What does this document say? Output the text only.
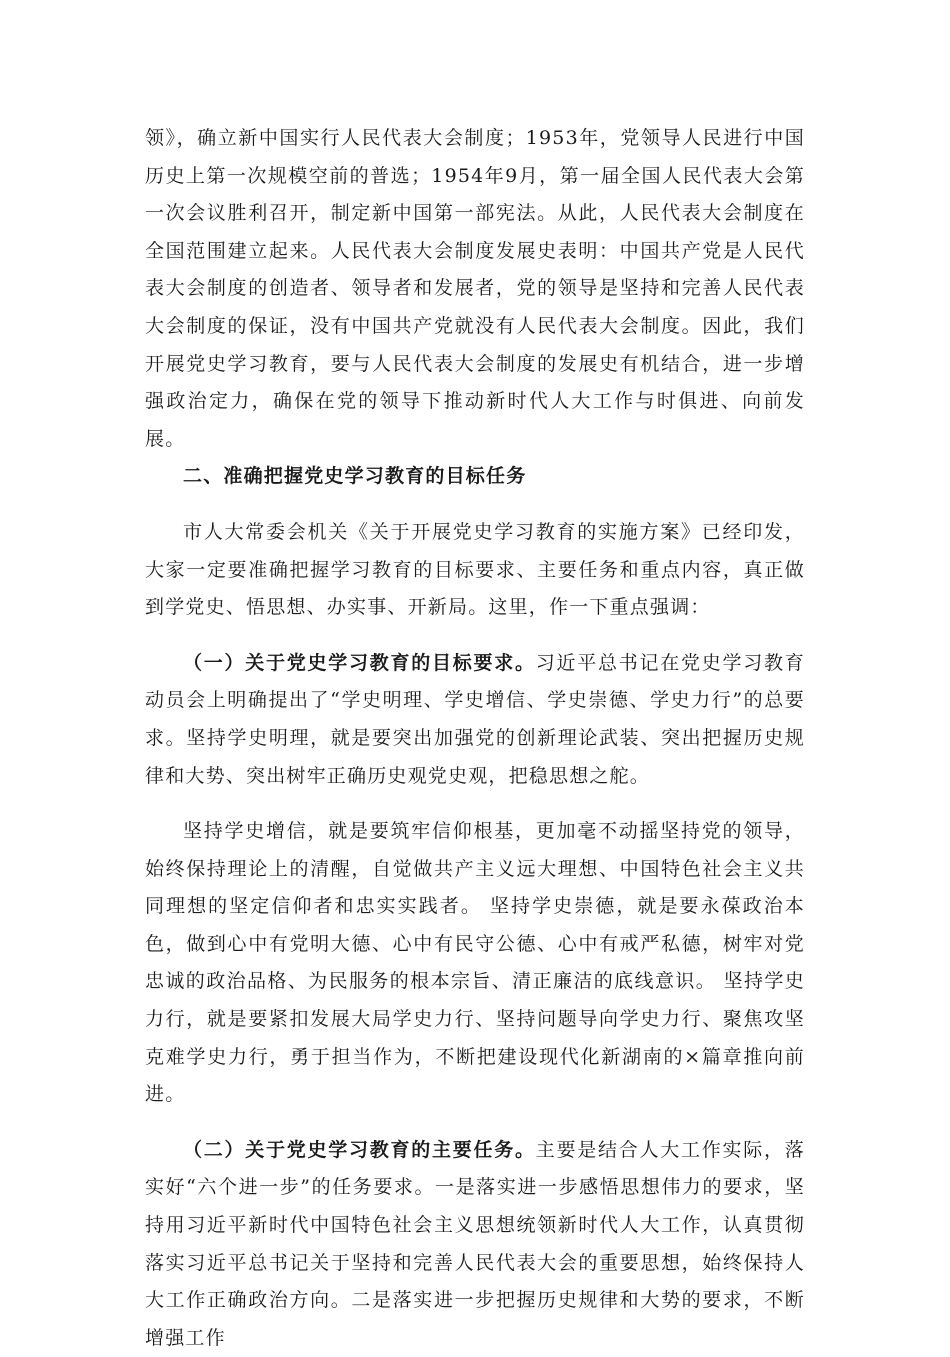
领》，确立新中国实行人民代表大会制度；1953年，党领导人民进行中国历史上第一次规模空前的普选；1954年9月，第一届全国人民代表大会第一次会议胜利召开，制定新中国第一部宪法。从此，人民代表大会制度在全国范围建立起来。人民代表大会制度发展史表明：中国共产党是人民代表大会制度的创造者、领导者和发展者，党的领导是坚持和完善人民代表大会制度的保证，没有中国共产党就没有人民代表大会制度。因此，我们开展党史学习教育，要与人民代表大会制度的发展史有机结合，进一步增强政治定力，确保在党的领导下推动新时代人大工作与时俱进、向前发展。

二、准确把握党史学习教育的目标任务

市人大常委会机关《关于开展党史学习教育的实施方案》已经印发，大家一定要准确把握学习教育的目标要求、主要任务和重点内容，真正做到学党史、悟思想、办实事、开新局。这里，作一下重点强调：

（一）关于党史学习教育的目标要求。习近平总书记在党史学习教育动员会上明确提出了“学史明理、学史增信、学史崇德、学史力行”的总要求。坚持学史明理，就是要突出加强党的创新理论武装、突出把握历史规律和大势、突出树牢正确历史观党史观，把稳思想之舵。

坚持学史增信，就是要筑牢信仰根基，更加毫不动摇坚持党的领导，始终保持理论上的清醒，自觉做共产主义远大理想、中国特色社会主义共同理想的坚定信仰者和忠实实践者。 坚持学史崇德，就是要永葆政治本色，做到心中有党明大德、心中有民守公德、心中有戒严私德，树牢对党忠诚的政治品格、为民服务的根本宗旨、清正廉洁的底线意识。 坚持学史力行，就是要紧扣发展大局学史力行、坚持问题导向学史力行、聚焦攻坚克难学史力行，勇于担当作为，不断把建设现代化新湖南的×篇章推向前进。

（二）关于党史学习教育的主要任务。主要是结合人大工作实际，落实好“六个进一步”的任务要求。一是落实进一步感悟思想伟力的要求，坚持用习近平新时代中国特色社会主义思想统领新时代人大工作，认真贯彻落实习近平总书记关于坚持和完善人民代表大会的重要思想，始终保持人大工作正确政治方向。二是落实进一步把握历史规律和大势的要求，不断增强工作
